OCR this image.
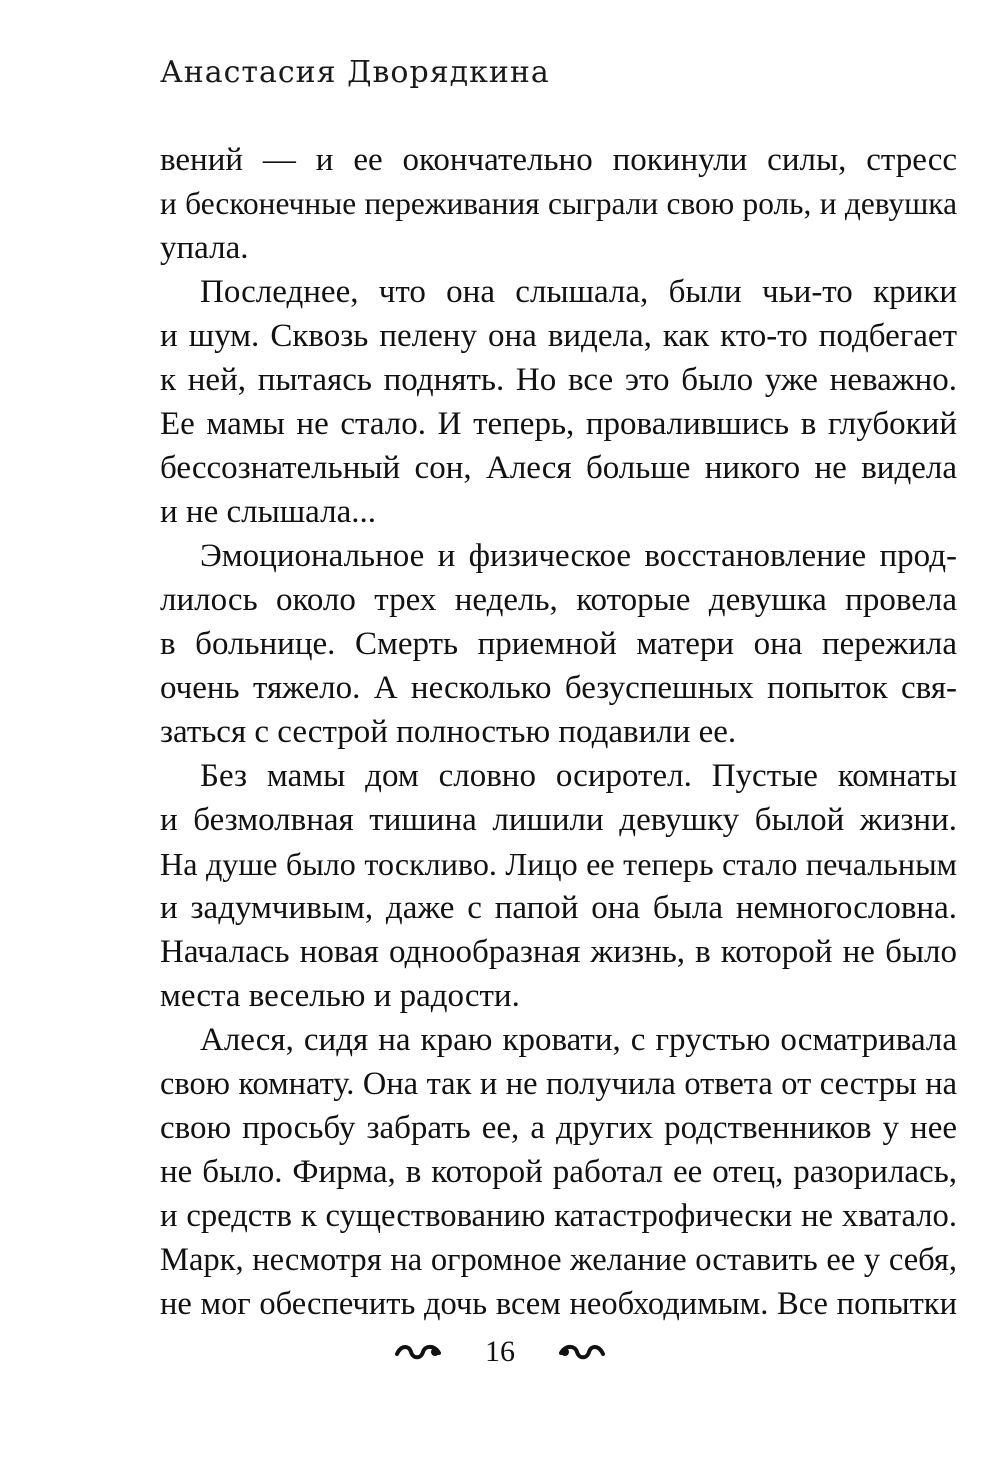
Анастасия Дворядкина
вений — и ее окончательно покинули силы, стресс
и бесконечные переживания сыграли свою роль, и девушка
упала.
Последнее, что она слышала, были чьи-то крики
и шум. Сквозь пелену она видела, как кто-то подбегает
к ней, пытаясь поднять. Но все это было уже неважно.
Ее мамы не стало. И теперь, провалившись в глубокий
бессознательный сон, Алеся больше никого не видела
и не слышала...
Эмоциональное и физическое восстановление прод-
лилось около трех недель, которые девушка провела
в больнице. Смерть приемной матери она пережила
очень тяжело. А несколько безуспешных попыток свя-
заться с сестрой полностью подавили ее.
Без мамы дом словно осиротел. Пустые комнаты
и безмолвная тишина лишили девушку былой жизни.
На душе было тоскливо. Лицо ее теперь стало печальным
и задумчивым, даже с папой она была немногословна.
Началась новая однообразная жизнь, в которой не было
места веселью и радости.
Алеся, сидя на краю кровати, с грустью осматривала
свою комнату. Она так и не получила ответа от сестры на
свою просьбу забрать ее, а других родственников у нее
не было. Фирма, в которой работал ее отец, разорилась,
и средств к существованию катастрофически не хватало.
Марк, несмотря на огромное желание оставить ее у себя,
не мог обеспечить дочь всем необходимым. Все попытки
16
